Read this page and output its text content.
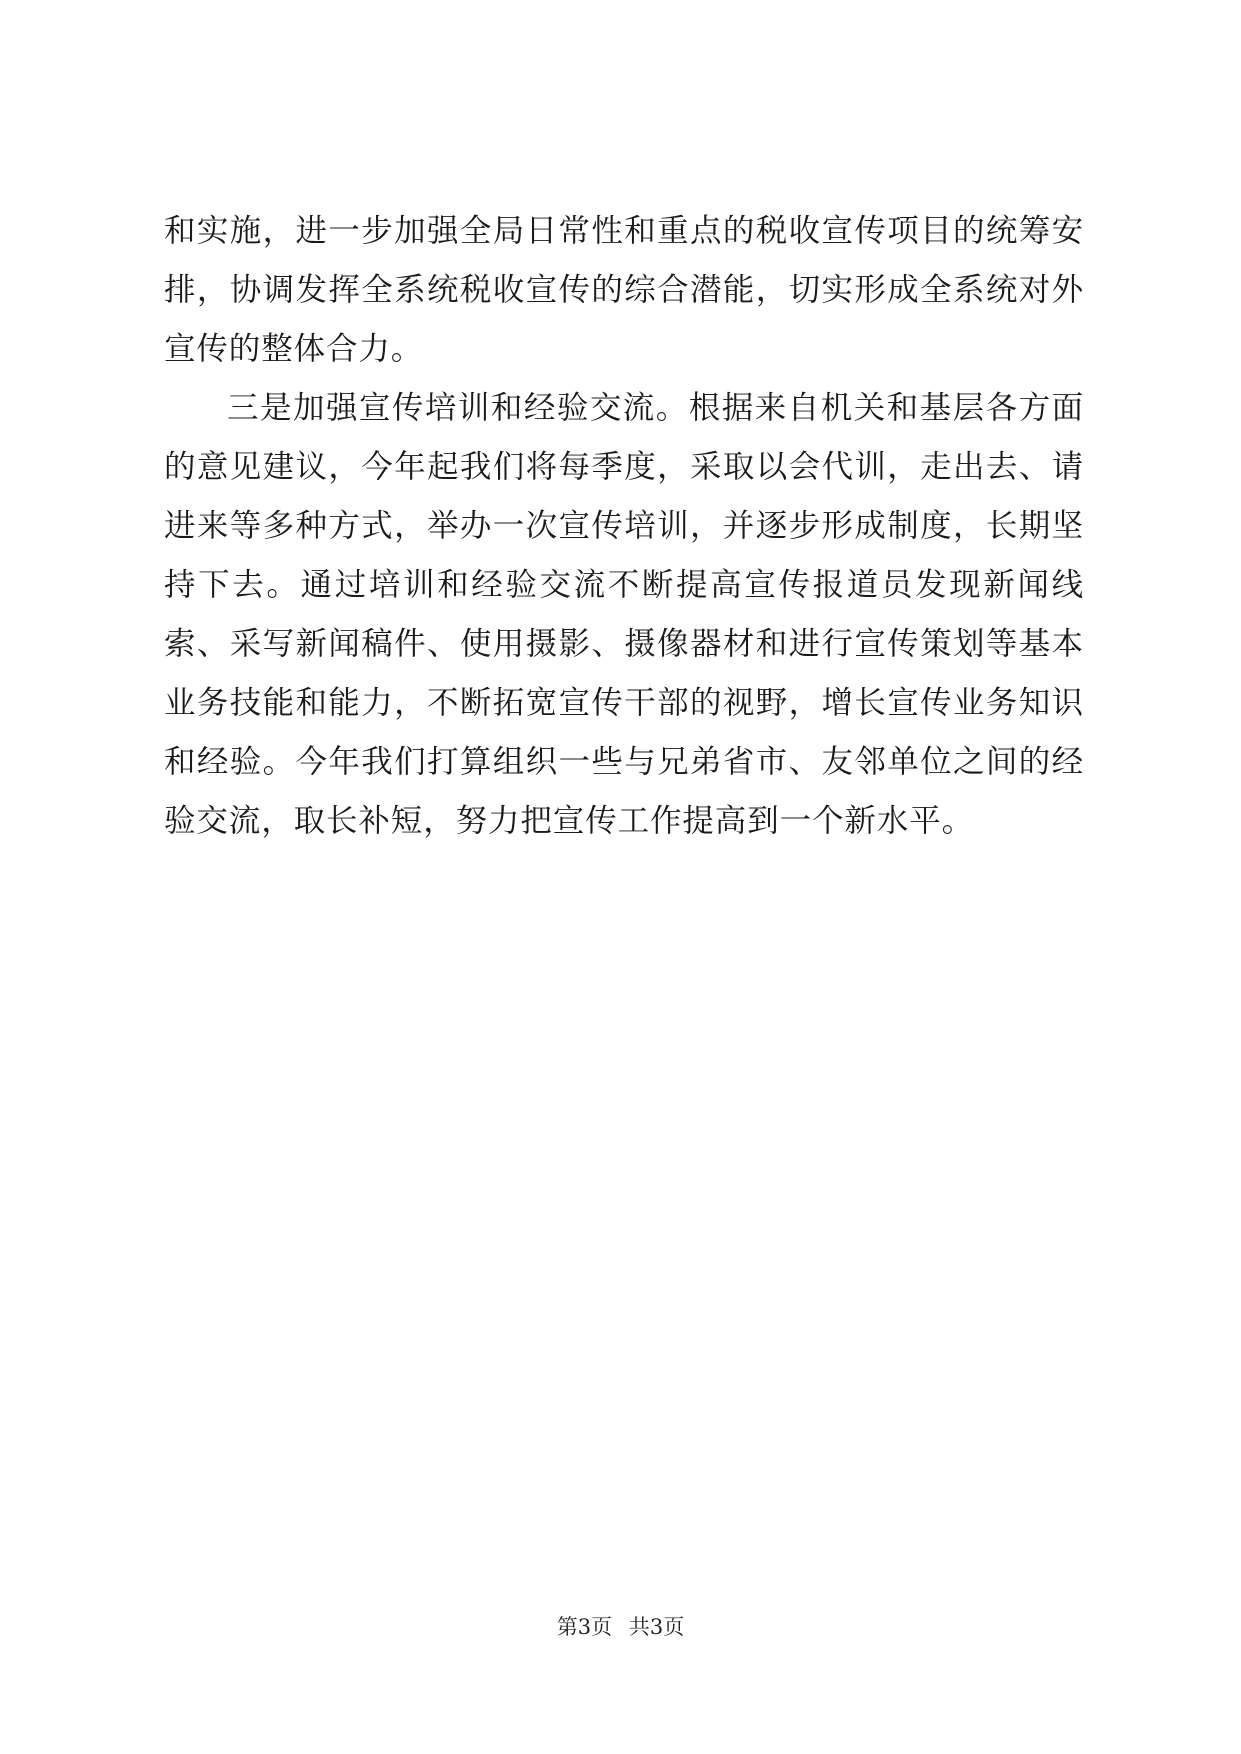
和实施，进一步加强全局日常性和重点的税收宣传项目的统筹安排，协调发挥全系统税收宣传的综合潜能，切实形成全系统对外宣传的整体合力。

三是加强宣传培训和经验交流。根据来自机关和基层各方面的意见建议，今年起我们将每季度，采取以会代训，走出去、请进来等多种方式，举办一次宣传培训，并逐步形成制度，长期坚持下去。通过培训和经验交流不断提高宣传报道员发现新闻线索、采写新闻稿件、使用摄影、摄像器材和进行宣传策划等基本业务技能和能力，不断拓宽宣传干部的视野，增长宣传业务知识和经验。今年我们打算组织一些与兄弟省市、友邻单位之间的经验交流，取长补短，努力把宣传工作提高到一个新水平。

第3页 共3页
